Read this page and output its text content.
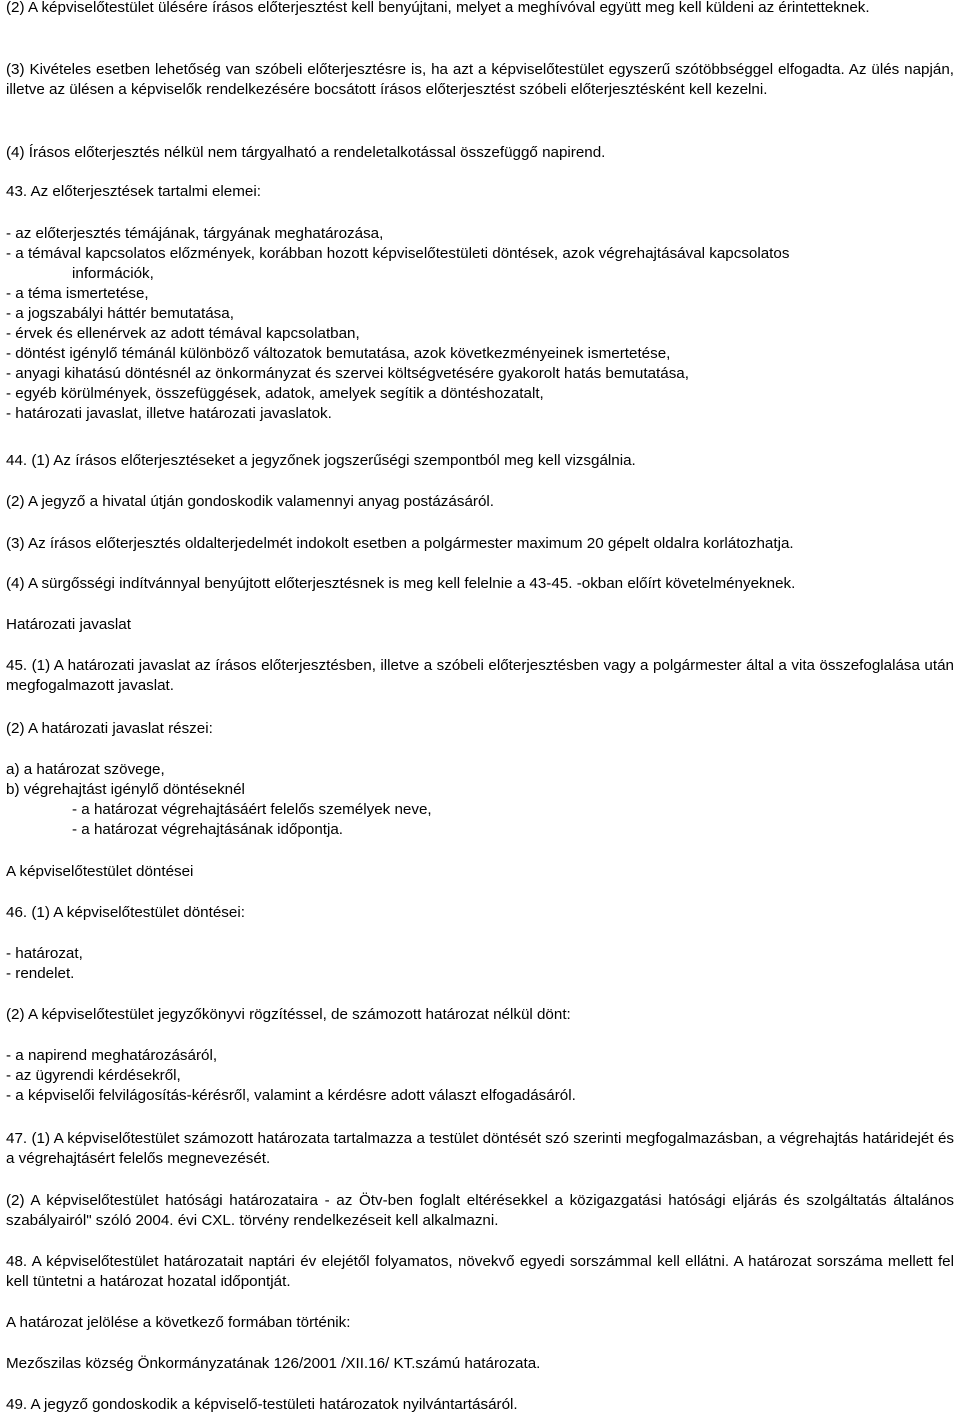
(2) A képviselőtestület ülésére írásos előterjesztést kell benyújtani, melyet a meghívóval együtt meg kell küldeni az érintetteknek.

(3) Kivételes esetben lehetőség van szóbeli előterjesztésre is, ha azt a képviselőtestület egyszerű szótöbbséggel elfogadta. Az ülés napján, illetve az ülésen a képviselők rendelkezésére bocsátott írásos előterjesztést szóbeli előterjesztésként kell kezelni.

(4) Írásos előterjesztés nélkül nem tárgyalható a rendeletalkotással összefüggő napirend.

43. Az előterjesztések tartalmi elemei:

- az előterjesztés témájának, tárgyának meghatározása,
- a témával kapcsolatos előzmények, korábban hozott képviselőtestületi döntések, azok végrehajtásával kapcsolatos
információk,
- a téma ismertetése,
- a jogszabályi háttér bemutatása,
- érvek és ellenérvek az adott témával kapcsolatban,
- döntést igénylő témánál különböző változatok bemutatása, azok következményeinek ismertetése,
- anyagi kihatású döntésnél az önkormányzat és szervei költségvetésére gyakorolt hatás bemutatása,
- egyéb körülmények, összefüggések, adatok, amelyek segítik a döntéshozatalt,
- határozati javaslat, illetve határozati javaslatok.

44. (1) Az írásos előterjesztéseket a jegyzőnek jogszerűségi szempontból meg kell vizsgálnia.

(2) A jegyző a hivatal útján gondoskodik valamennyi anyag postázásáról.

(3) Az írásos előterjesztés oldalterjedelmét indokolt esetben a polgármester maximum 20 gépelt oldalra korlátozhatja.

(4) A sürgősségi indítvánnyal benyújtott előterjesztésnek is meg kell felelnie a 43-45. -okban előírt követelményeknek.

Határozati javaslat

45. (1) A határozati javaslat az írásos előterjesztésben, illetve a szóbeli előterjesztésben vagy a polgármester által a vita összefoglalása után megfogalmazott javaslat.

(2) A határozati javaslat részei:

a) a határozat szövege,
b) végrehajtást igénylő döntéseknél
- a határozat végrehajtásáért felelős személyek neve,
- a határozat végrehajtásának időpontja.

A képviselőtestület döntései

46. (1) A képviselőtestület döntései:

- határozat,
- rendelet.

(2) A képviselőtestület jegyzőkönyvi rögzítéssel, de számozott határozat nélkül dönt:

- a napirend meghatározásáról,
- az ügyrendi kérdésekről,
- a képviselői felvilágosítás-kérésről, valamint a kérdésre adott választ elfogadásáról.

47. (1) A képviselőtestület számozott határozata tartalmazza a testület döntését szó szerinti megfogalmazásban, a végrehajtás határidejét és a végrehajtásért felelős megnevezését.

(2) A képviselőtestület hatósági határozataira - az Ötv-ben foglalt eltérésekkel a közigazgatási hatósági eljárás és szolgáltatás általános szabályairól" szóló 2004. évi CXL. törvény rendelkezéseit kell alkalmazni.

48. A képviselőtestület határozatait naptári év elejétől folyamatos, növekvő egyedi sorszámmal kell ellátni. A határozat sorszáma mellett fel kell tüntetni a határozat hozatal időpontját.

A határozat jelölése a következő formában történik:

Mezőszilas község Önkormányzatának 126/2001 /XII.16/ KT.számú határozata.

49. A jegyző gondoskodik a képviselő-testületi határozatok nyilvántartásáról.
